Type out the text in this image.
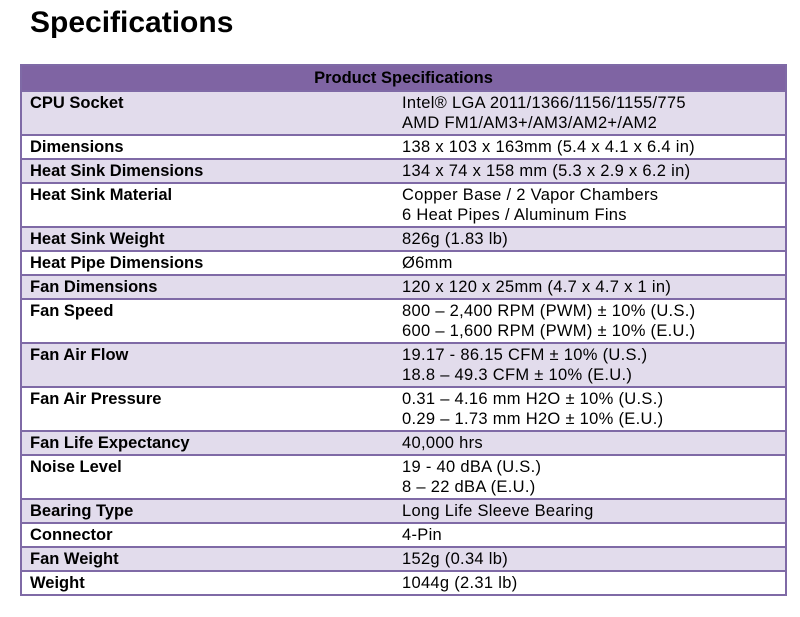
Specifications
Product Specifications	
CPU Socket	Intel® LGA 2011/1366/1156/1155/775
AMD FM1/AM3+/AM3/AM2+/AM2

Dimensions	138 x 103 x 163mm (5.4 x 4.1 x 6.4 in)

Heat Sink Dimensions	134 x 74 x 158 mm (5.3 x 2.9 x 6.2 in)

Heat Sink Material	Copper Base / 2 Vapor Chambers
6 Heat Pipes / Aluminum Fins

Heat Sink Weight	826g (1.83 lb)

Heat Pipe Dimensions	Ø6mm

Fan Dimensions	120 x 120 x 25mm (4.7 x 4.7 x 1 in)

Fan Speed	800 – 2,400 RPM (PWM) ± 10% (U.S.)
600 – 1,600 RPM (PWM) ± 10% (E.U.)

Fan Air Flow	19.17 - 86.15 CFM ± 10% (U.S.)
18.8 – 49.3 CFM ± 10% (E.U.)

Fan Air Pressure	0.31 – 4.16 mm H2O ± 10% (U.S.)
0.29 – 1.73 mm H2O ± 10% (E.U.)

Fan Life Expectancy	40,000 hrs

Noise Level	19 - 40 dBA (U.S.)
8 – 22 dBA (E.U.)

Bearing Type	Long Life Sleeve Bearing

Connector	4-Pin

Fan Weight	152g (0.34 lb)

Weight	1044g (2.31 lb)
